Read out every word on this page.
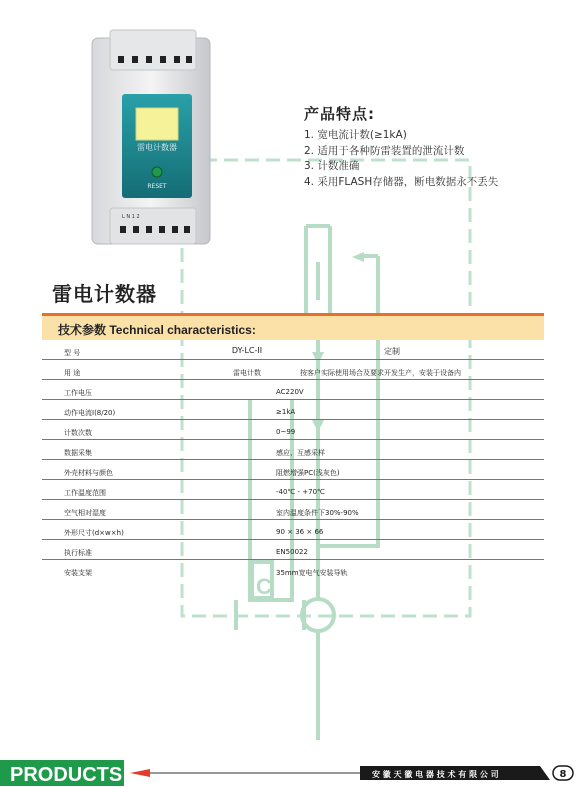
C
雷电计数器
RESET
L N 1 2
产品特点:
1. 宽电流计数(≥1kA)
2. 适用于各种防雷装置的泄流计数
3. 计数准确
4. 采用FLASH存储器，断电数据永不丢失
雷电计数器
技术参数 Technical characteristics:
型 号	DY-LC-II	定制
用 途	雷电计数	按客户实际使用场合及要求开发生产，安装于设备内
工作电压	AC220V
动作电流I(8/20)	≥1kA
计数次数	0~99
数据采集	感应、互感采样
外壳材料与颜色	阻燃增强PC(浅灰色)
工作温度范围	-40℃ - +70℃
空气相对湿度	室内温度条件下30%-90%
外形尺寸(d×w×h)	90 × 36 × 66
执行标准	EN50022
安装支架	35mm宽电气安装导轨
PRODUCTS	安 徽 天 徽 电 器 技 术 有 限 公 司	8
